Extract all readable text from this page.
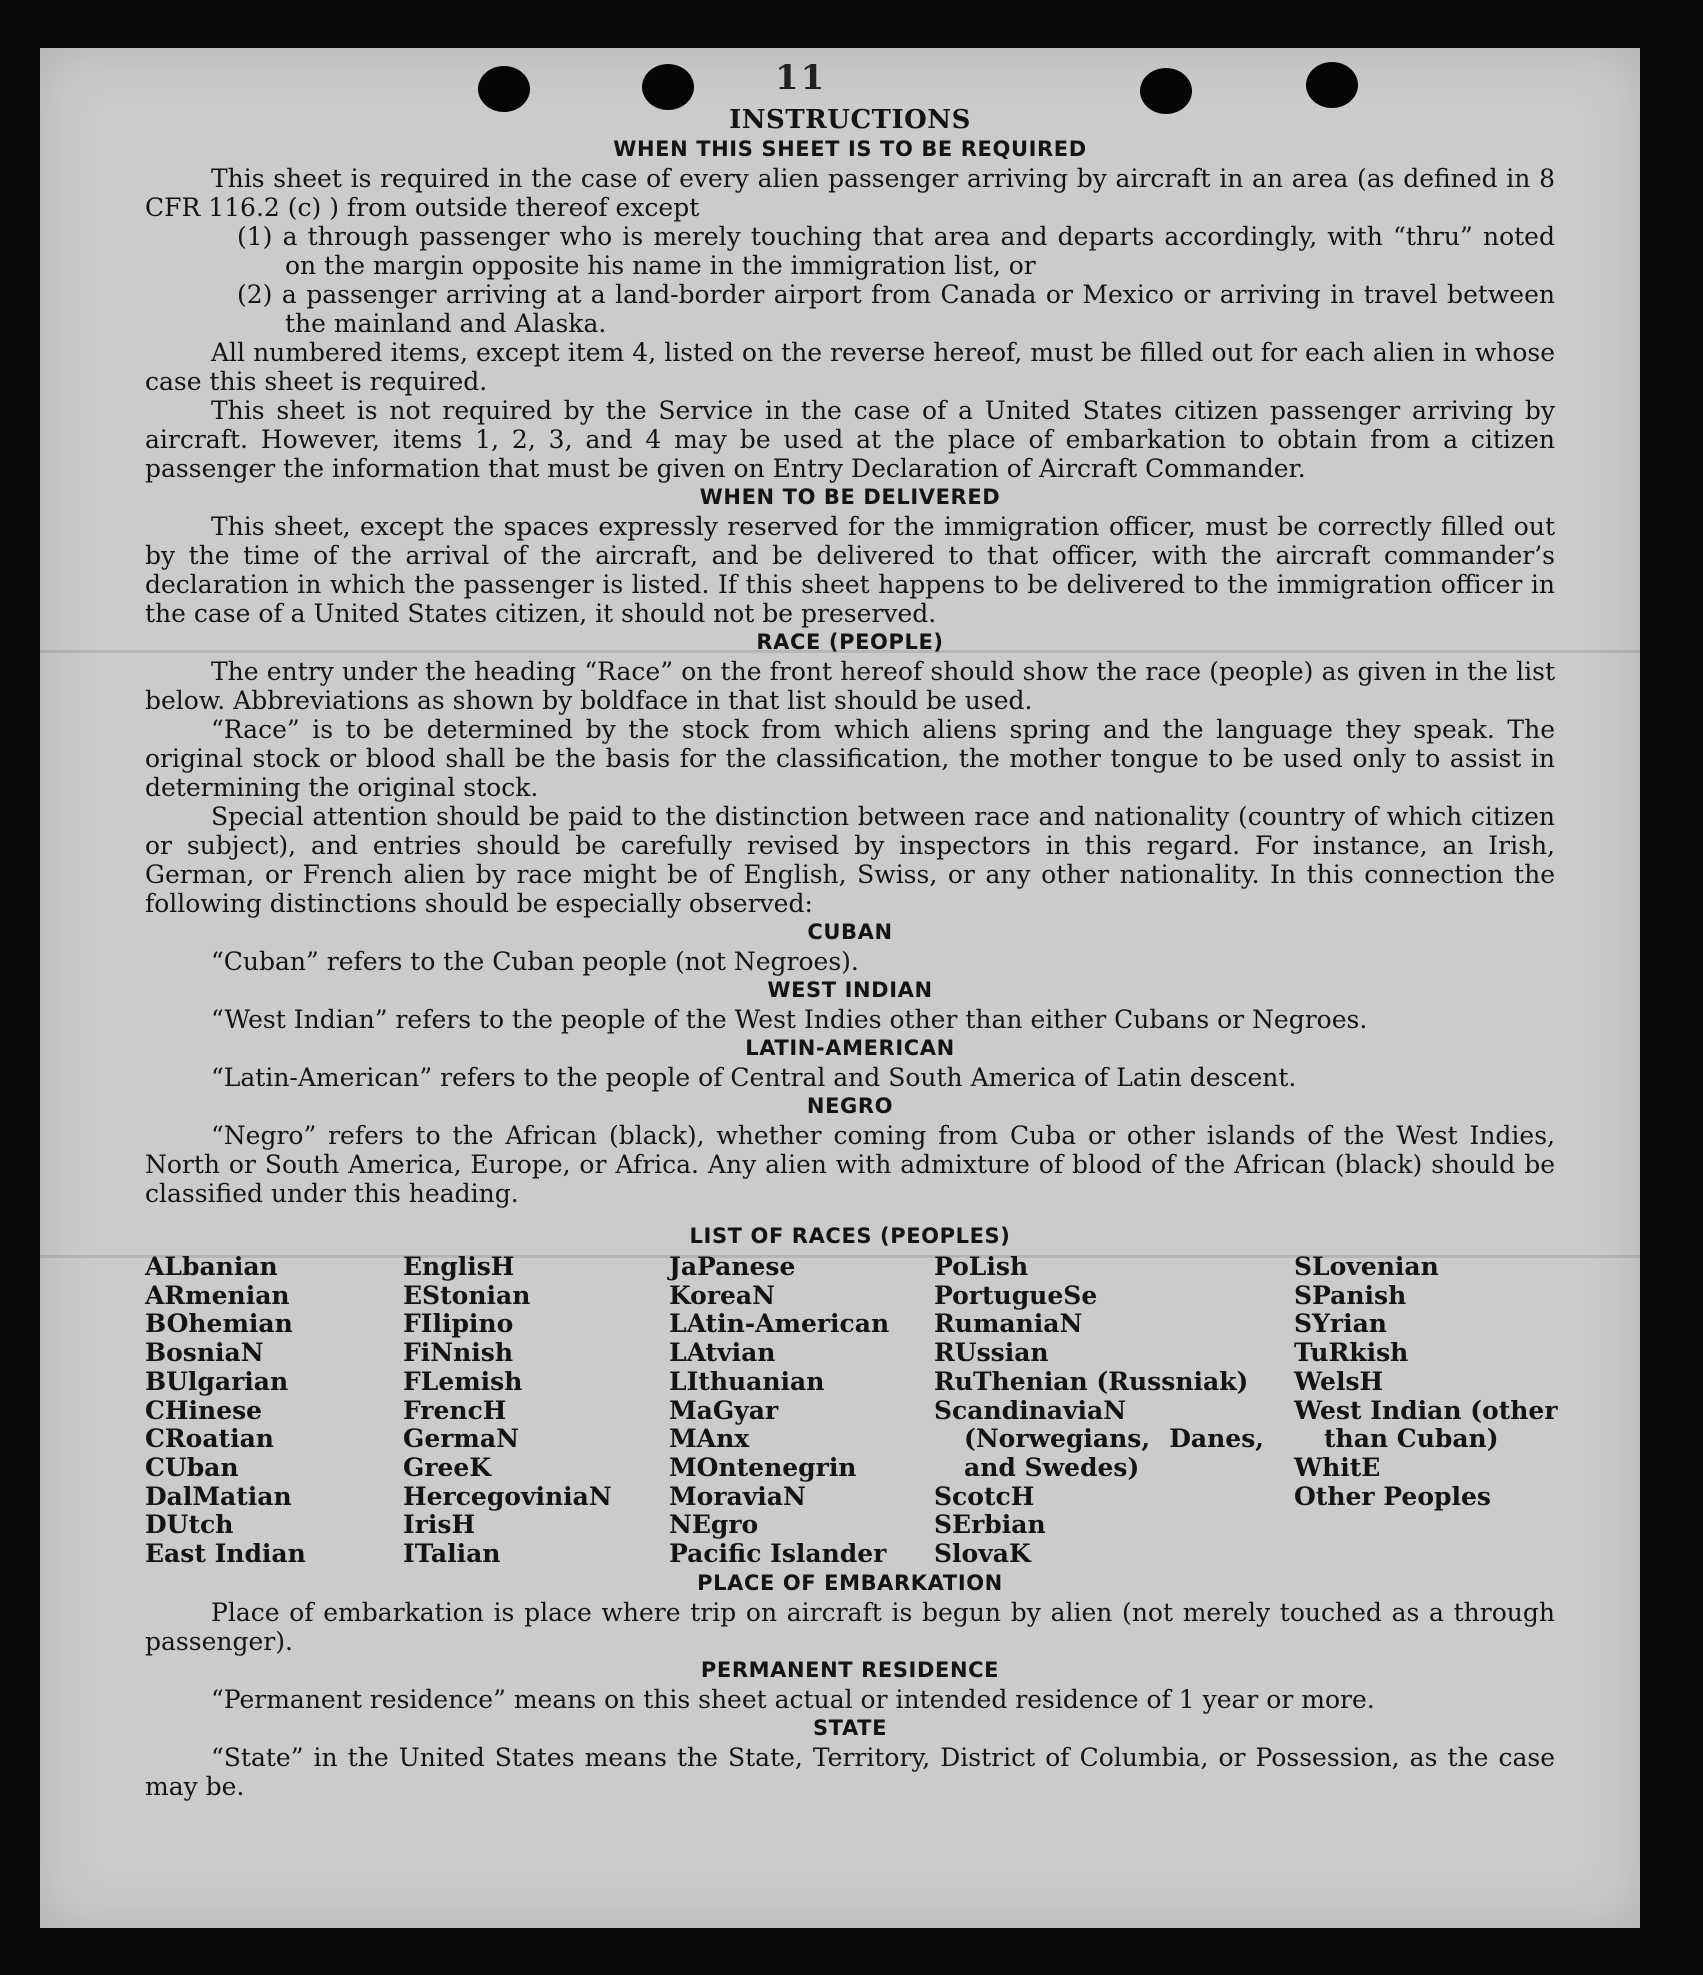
11
INSTRUCTIONS
WHEN THIS SHEET IS TO BE REQUIRED

This sheet is required in the case of every alien passenger arriving by aircraft in an area (as defined in 8 CFR 116.2 (c) ) from outside thereof except

(1) a through passenger who is merely touching that area and departs accordingly, with “thru” noted on the margin opposite his name in the immigration list, or

(2) a passenger arriving at a land-border airport from Canada or Mexico or arriving in travel between the mainland and Alaska.

All numbered items, except item 4, listed on the reverse hereof, must be filled out for each alien in whose case this sheet is required.

This sheet is not required by the Service in the case of a United States citizen passenger arriving by aircraft. However, items 1, 2, 3, and 4 may be used at the place of embarkation to obtain from a citizen passenger the information that must be given on Entry Declaration of Aircraft Commander.

WHEN TO BE DELIVERED

This sheet, except the spaces expressly reserved for the immigration officer, must be correctly filled out by the time of the arrival of the aircraft, and be delivered to that officer, with the aircraft commander’s declaration in which the passenger is listed. If this sheet happens to be delivered to the immigration officer in the case of a United States citizen, it should not be preserved.

RACE (PEOPLE)

The entry under the heading “Race” on the front hereof should show the race (people) as given in the list below. Abbreviations as shown by boldface in that list should be used.

“Race” is to be determined by the stock from which aliens spring and the language they speak. The original stock or blood shall be the basis for the classification, the mother tongue to be used only to assist in determining the original stock.

Special attention should be paid to the distinction between race and nationality (country of which citizen or subject), and entries should be carefully revised by inspectors in this regard. For instance, an Irish, German, or French alien by race might be of English, Swiss, or any other nationality. In this connection the following distinctions should be especially observed:

CUBAN

“Cuban” refers to the Cuban people (not Negroes).

WEST INDIAN

“West Indian” refers to the people of the West Indies other than either Cubans or Negroes.

LATIN-AMERICAN

“Latin-American” refers to the people of Central and South America of Latin descent.

NEGRO

“Negro” refers to the African (black), whether coming from Cuba or other islands of the West Indies, North or South America, Europe, or Africa. Any alien with admixture of blood of the African (black) should be classified under this heading.

LIST OF RACES (PEOPLES)
ALbanian
ARmenian
BOhemian
BosniaN
BUlgarian
CHinese
CRoatian
CUban
DalMatian
DUtch
East Indian
EnglisH
EStonian
FIlipino
FiNnish
FLemish
FrencH
GermaN
GreeK
HercegoviniaN
IrisH
ITalian
JaPanese
KoreaN
LAtin-American
LAtvian
LIthuanian
MaGyar
MAnx
MOntenegrin
MoraviaN
NEgro
Pacific Islander
PoLish
PortugueSe
RumaniaN
RUssian
RuThenian (Russniak)
ScandinaviaN (Norwegians, Danes, and Swedes)
ScotcH
SErbian
SlovaK
SLovenian
SPanish
SYrian
TuRkish
WelsH
West Indian (other than Cuban)
WhitE
Other Peoples
PLACE OF EMBARKATION

Place of embarkation is place where trip on aircraft is begun by alien (not merely touched as a through passenger).

PERMANENT RESIDENCE

“Permanent residence” means on this sheet actual or intended residence of 1 year or more.

STATE

“State” in the United States means the State, Territory, District of Columbia, or Possession, as the case may be.
